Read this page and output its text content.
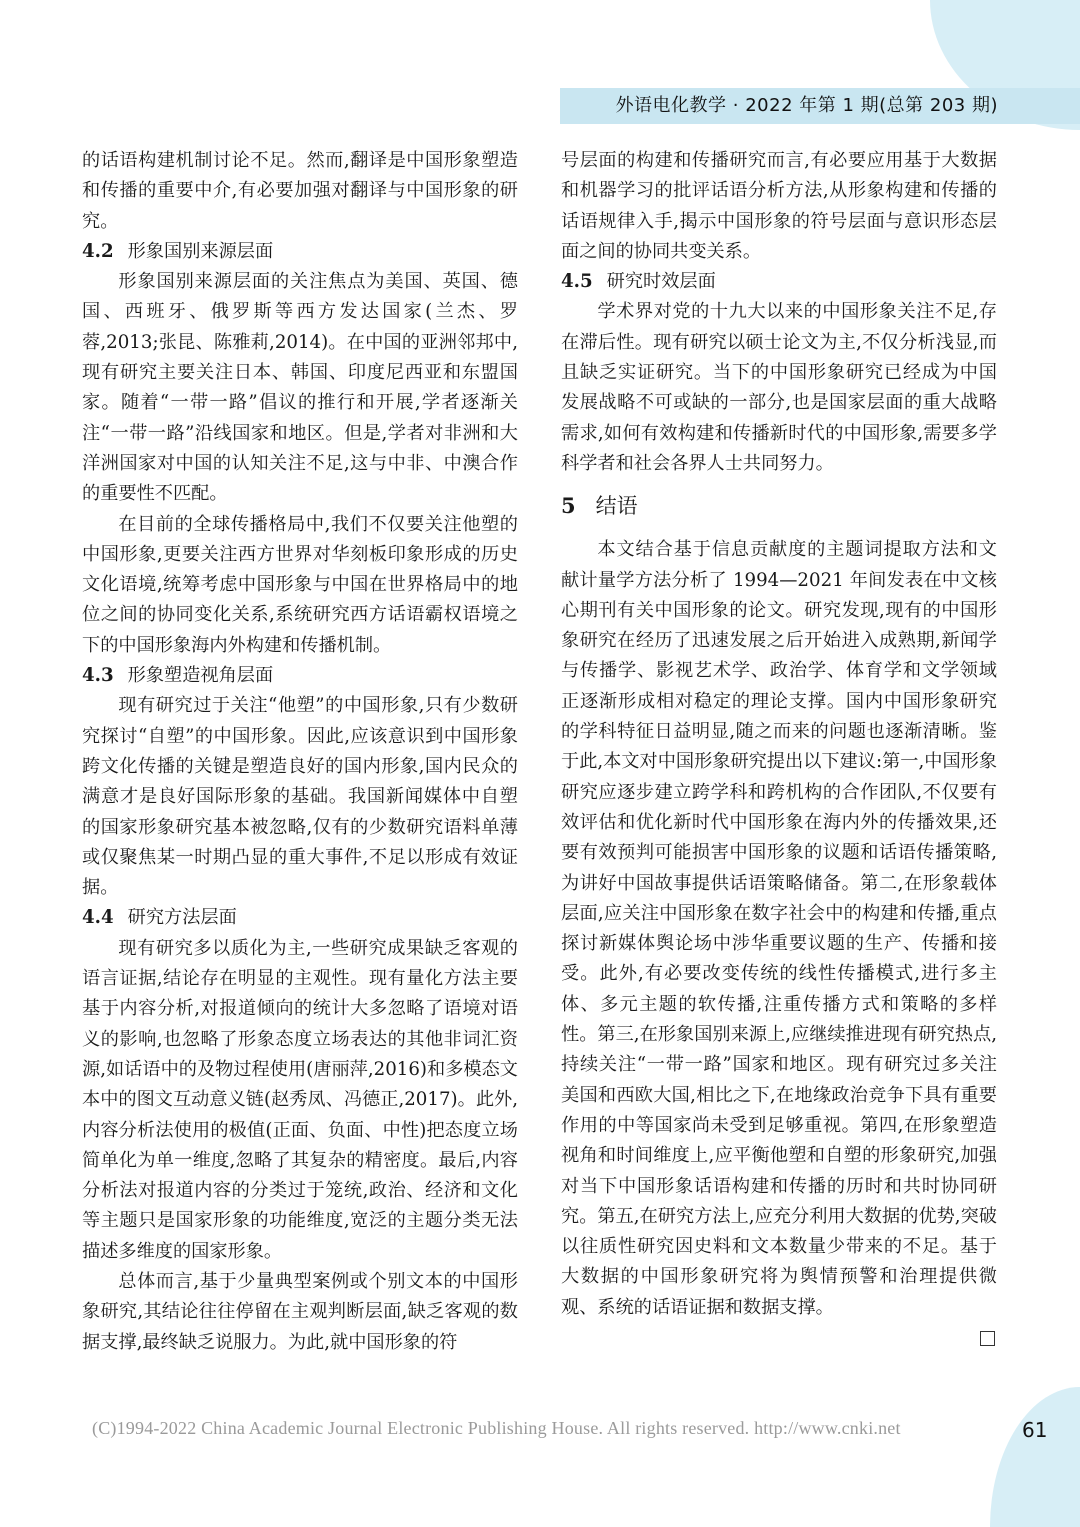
外语电化教学 · 2022 年第 1 期(总第 203 期)

的话语构建机制讨论不足。然而,翻译是中国形象塑造和传播的重要中介,有必要加强对翻译与中国形象的研究。

4.2 形象国别来源层面

形象国别来源层面的关注焦点为美国、英国、德国、西班牙、俄罗斯等西方发达国家(兰杰、罗蓉,2013;张昆、陈雅莉,2014)。在中国的亚洲邻邦中,现有研究主要关注日本、韩国、印度尼西亚和东盟国家。随着“一带一路”倡议的推行和开展,学者逐渐关注“一带一路”沿线国家和地区。但是,学者对非洲和大洋洲国家对中国的认知关注不足,这与中非、中澳合作的重要性不匹配。

在目前的全球传播格局中,我们不仅要关注他塑的中国形象,更要关注西方世界对华刻板印象形成的历史文化语境,统筹考虑中国形象与中国在世界格局中的地位之间的协同变化关系,系统研究西方话语霸权语境之下的中国形象海内外构建和传播机制。

4.3 形象塑造视角层面

现有研究过于关注“他塑”的中国形象,只有少数研究探讨“自塑”的中国形象。因此,应该意识到中国形象跨文化传播的关键是塑造良好的国内形象,国内民众的满意才是良好国际形象的基础。我国新闻媒体中自塑的国家形象研究基本被忽略,仅有的少数研究语料单薄或仅聚焦某一时期凸显的重大事件,不足以形成有效证据。

4.4 研究方法层面

现有研究多以质化为主,一些研究成果缺乏客观的语言证据,结论存在明显的主观性。现有量化方法主要基于内容分析,对报道倾向的统计大多忽略了语境对语义的影响,也忽略了形象态度立场表达的其他非词汇资源,如话语中的及物过程使用(唐丽萍,2016)和多模态文本中的图文互动意义链(赵秀凤、冯德正,2017)。此外,内容分析法使用的极值(正面、负面、中性)把态度立场简单化为单一维度,忽略了其复杂的精密度。最后,内容分析法对报道内容的分类过于笼统,政治、经济和文化等主题只是国家形象的功能维度,宽泛的主题分类无法描述多维度的国家形象。

总体而言,基于少量典型案例或个别文本的中国形象研究,其结论往往停留在主观判断层面,缺乏客观的数据支撑,最终缺乏说服力。为此,就中国形象的符

号层面的构建和传播研究而言,有必要应用基于大数据和机器学习的批评话语分析方法,从形象构建和传播的话语规律入手,揭示中国形象的符号层面与意识形态层面之间的协同共变关系。

4.5 研究时效层面

学术界对党的十九大以来的中国形象关注不足,存在滞后性。现有研究以硕士论文为主,不仅分析浅显,而且缺乏实证研究。当下的中国形象研究已经成为中国发展战略不可或缺的一部分,也是国家层面的重大战略需求,如何有效构建和传播新时代的中国形象,需要多学科学者和社会各界人士共同努力。

5 结语

本文结合基于信息贡献度的主题词提取方法和文献计量学方法分析了 1994—2021 年间发表在中文核心期刊有关中国形象的论文。研究发现,现有的中国形象研究在经历了迅速发展之后开始进入成熟期,新闻学与传播学、影视艺术学、政治学、体育学和文学领域正逐渐形成相对稳定的理论支撑。国内中国形象研究的学科特征日益明显,随之而来的问题也逐渐清晰。鉴于此,本文对中国形象研究提出以下建议:第一,中国形象研究应逐步建立跨学科和跨机构的合作团队,不仅要有效评估和优化新时代中国形象在海内外的传播效果,还要有效预判可能损害中国形象的议题和话语传播策略,为讲好中国故事提供话语策略储备。第二,在形象载体层面,应关注中国形象在数字社会中的构建和传播,重点探讨新媒体舆论场中涉华重要议题的生产、传播和接受。此外,有必要改变传统的线性传播模式,进行多主体、多元主题的软传播,注重传播方式和策略的多样性。第三,在形象国别来源上,应继续推进现有研究热点,持续关注“一带一路”国家和地区。现有研究过多关注美国和西欧大国,相比之下,在地缘政治竞争下具有重要作用的中等国家尚未受到足够重视。第四,在形象塑造视角和时间维度上,应平衡他塑和自塑的形象研究,加强对当下中国形象话语构建和传播的历时和共时协同研究。第五,在研究方法上,应充分利用大数据的优势,突破以往质性研究因史料和文本数量少带来的不足。基于大数据的中国形象研究将为舆情预警和治理提供微观、系统的话语证据和数据支撑。

(C)1994-2022 China Academic Journal Electronic Publishing House. All rights reserved. http://www.cnki.net	61
